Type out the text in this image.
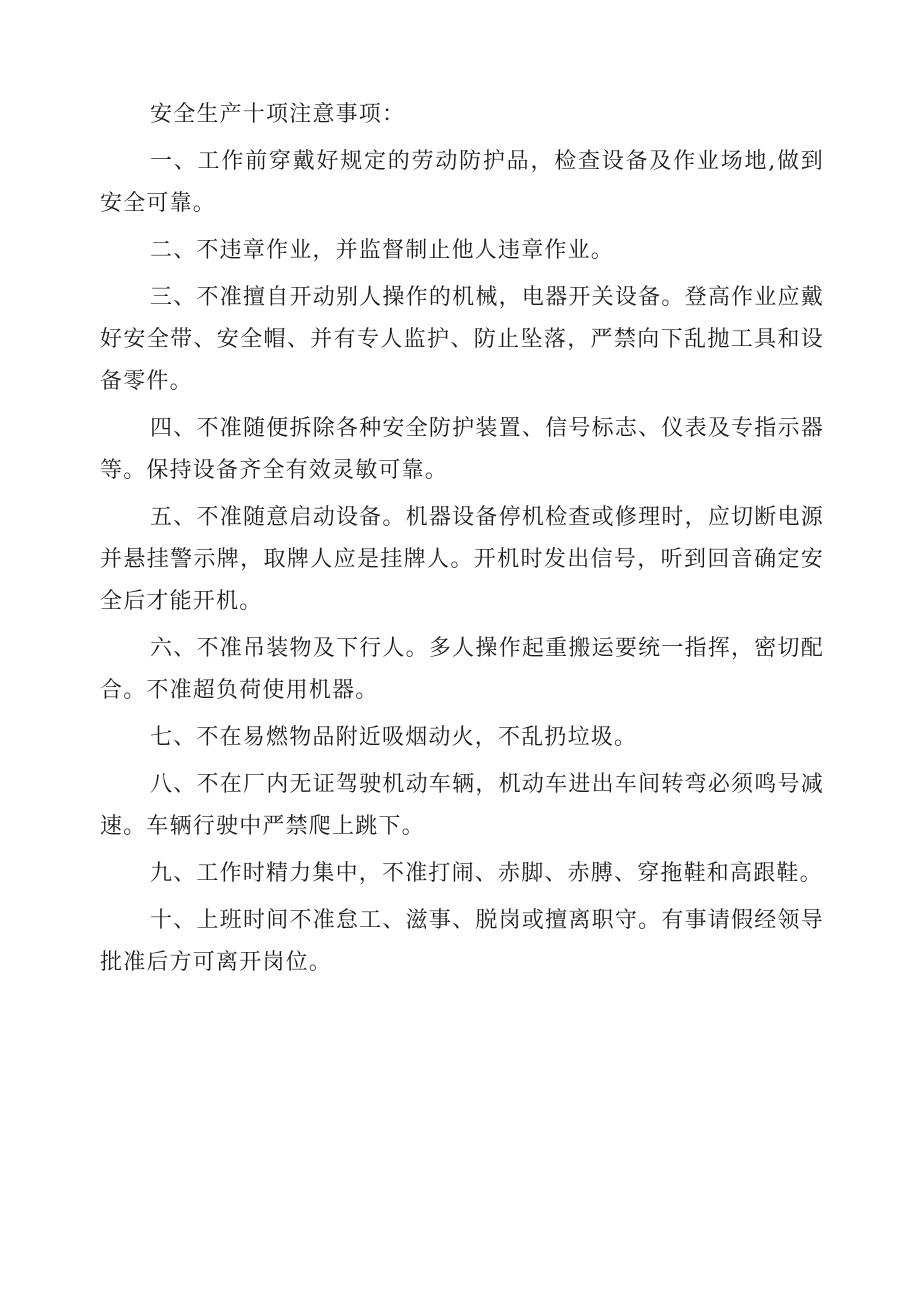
安全生产十项注意事项：

一、工作前穿戴好规定的劳动防护品，检查设备及作业场地,做到安全可靠。

二、不违章作业，并监督制止他人违章作业。

三、不准擅自开动别人操作的机械，电器开关设备。登高作业应戴好安全带、安全帽、并有专人监护、防止坠落，严禁向下乱抛工具和设备零件。

四、不准随便拆除各种安全防护装置、信号标志、仪表及专指示器等。保持设备齐全有效灵敏可靠。

五、不准随意启动设备。机器设备停机检查或修理时，应切断电源并悬挂警示牌，取牌人应是挂牌人。开机时发出信号，听到回音确定安全后才能开机。

六、不准吊装物及下行人。多人操作起重搬运要统一指挥，密切配合。不准超负荷使用机器。

七、不在易燃物品附近吸烟动火，不乱扔垃圾。

八、不在厂内无证驾驶机动车辆，机动车进出车间转弯必须鸣号减速。车辆行驶中严禁爬上跳下。

九、工作时精力集中，不准打闹、赤脚、赤膊、穿拖鞋和高跟鞋。

十、上班时间不准怠工、滋事、脱岗或擅离职守。有事请假经领导批准后方可离开岗位。
